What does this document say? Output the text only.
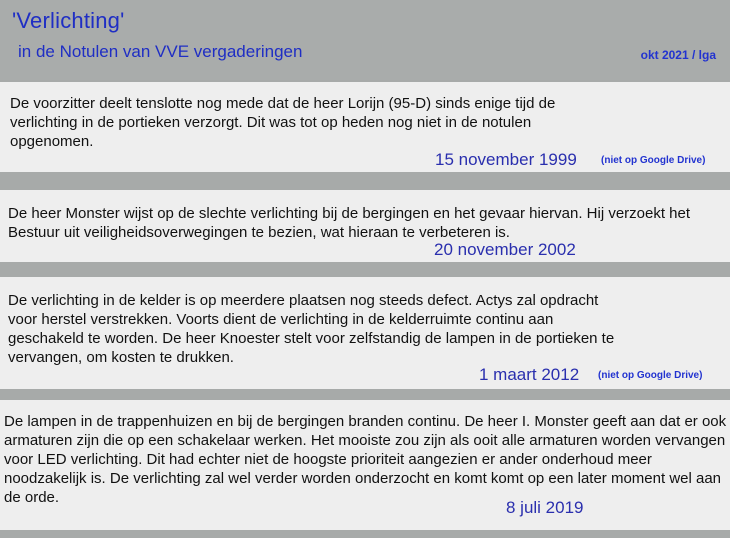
'Verlichting'
in de Notulen van VVE vergaderingen	okt 2021 / lga

De voorzitter deelt tenslotte nog mede dat de heer Lorijn (95-D) sinds enige tijd de verlichting in de portieken verzorgt. Dit was tot op heden nog niet in de notulen opgenomen.

15 november 1999 (niet op Google Drive)

De heer Monster wijst op de slechte verlichting bij de bergingen en het gevaar hiervan. Hij verzoekt het Bestuur uit veiligheidsoverwegingen te bezien, wat hieraan te verbeteren is.

20 november 2002

De verlichting in de kelder is op meerdere plaatsen nog steeds defect. Actys zal opdracht voor herstel verstrekken. Voorts dient de verlichting in de kelderruimte continu aan geschakeld te worden. De heer Knoester stelt voor zelfstandig de lampen in de portieken te vervangen, om kosten te drukken.

1 maart 2012 (niet op Google Drive)

De lampen in de trappenhuizen en bij de bergingen branden continu. De heer I. Monster geeft aan dat er ook armaturen zijn die op een schakelaar werken. Het mooiste zou zijn als ooit alle armaturen worden vervangen voor LED verlichting. Dit had echter niet de hoogste prioriteit aangezien er ander onderhoud meer noodzakelijk is. De verlichting zal wel verder worden onderzocht en komt komt op een later moment wel aan de orde.

8 juli 2019
